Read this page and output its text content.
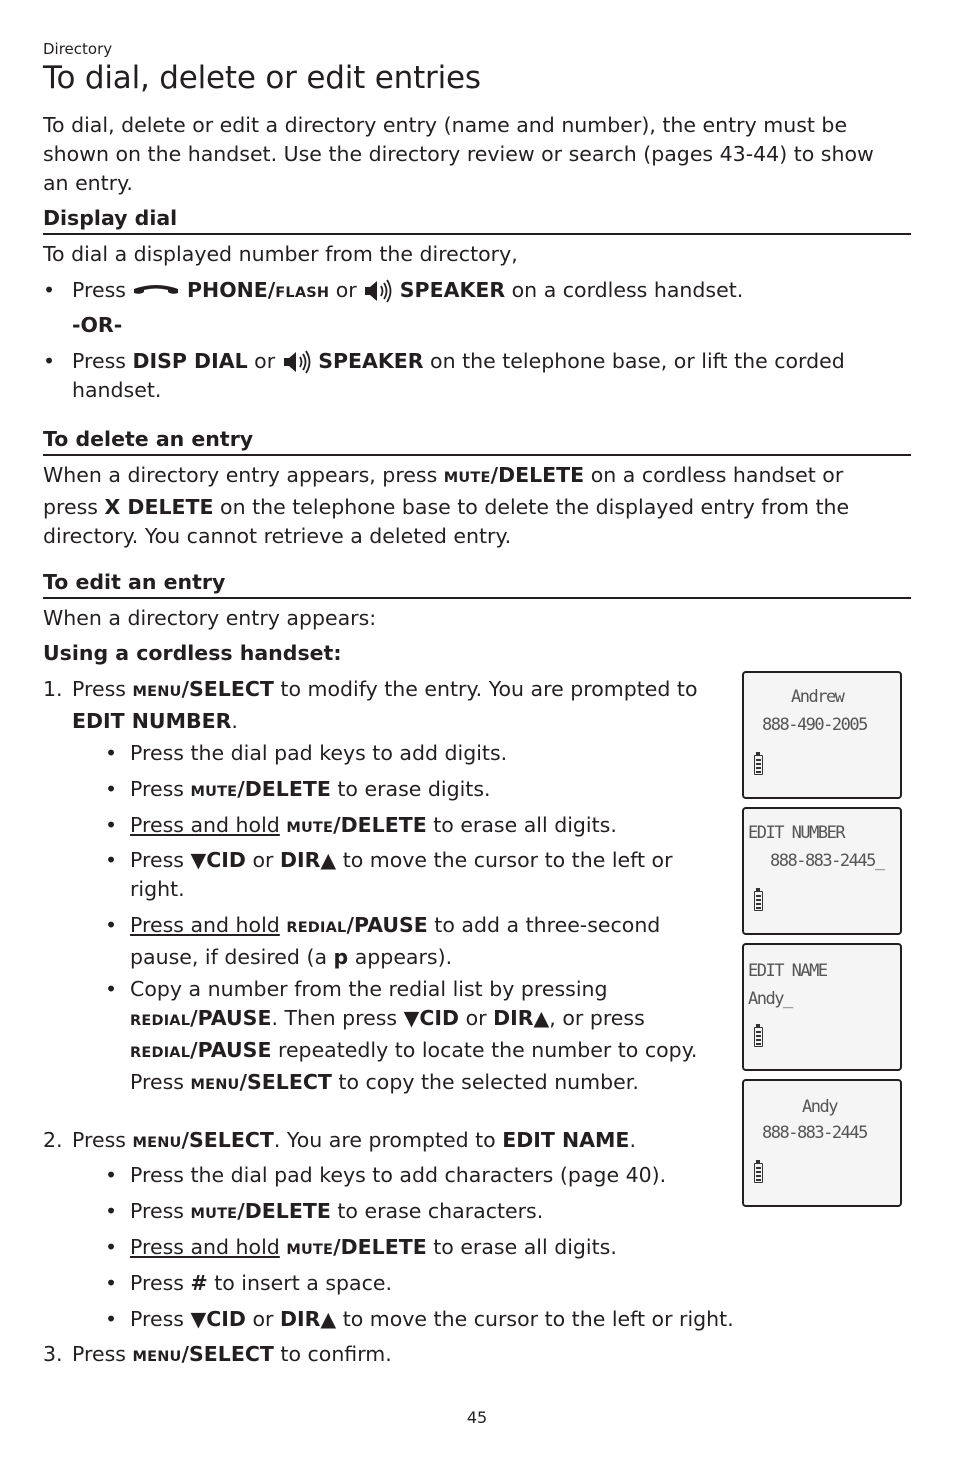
Directory
To dial, delete or edit entries
To dial, delete or edit a directory entry (name and number), the entry must be shown on the handset. Use the directory review or search (pages 43-44) to show an entry.
Display dial
To dial a displayed number from the directory,
• Press	PHONE/FLASH or  SPEAKER on a cordless handset.
-OR-
• Press DISP DIAL or  SPEAKER on the telephone base, or lift the corded handset.
To delete an entry
When a directory entry appears, press MUTE/DELETE on a cordless handset or press X DELETE on the telephone base to delete the displayed entry from the directory. You cannot retrieve a deleted entry.
To edit an entry
When a directory entry appears:
Using a cordless handset:
1. Press MENU/SELECT to modify the entry. You are prompted to EDIT NUMBER.
• Press the dial pad keys to add digits.
• Press MUTE/DELETE to erase digits.
• Press and hold MUTE/DELETE to erase all digits.
• Press ▼CID or DIR▲ to move the cursor to the left or right.
• Press and hold REDIAL/PAUSE to add a three-second pause, if desired (a p appears).
• Copy a number from the redial list by pressing REDIAL/PAUSE. Then press ▼CID or DIR▲, or press REDIAL/PAUSE repeatedly to locate the number to copy. Press MENU/SELECT to copy the selected number.
2. Press MENU/SELECT. You are prompted to EDIT NAME.
• Press the dial pad keys to add characters (page 40).
• Press MUTE/DELETE to erase characters.
• Press and hold MUTE/DELETE to erase all digits.
• Press # to insert a space.
• Press ▼CID or DIR▲ to move the cursor to the left or right.
3. Press MENU/SELECT to confirm.
Andrew
888-490-2005
EDIT NUMBER
888-883-2445_
EDIT NAME
Andy_
Andy
888-883-2445
45
